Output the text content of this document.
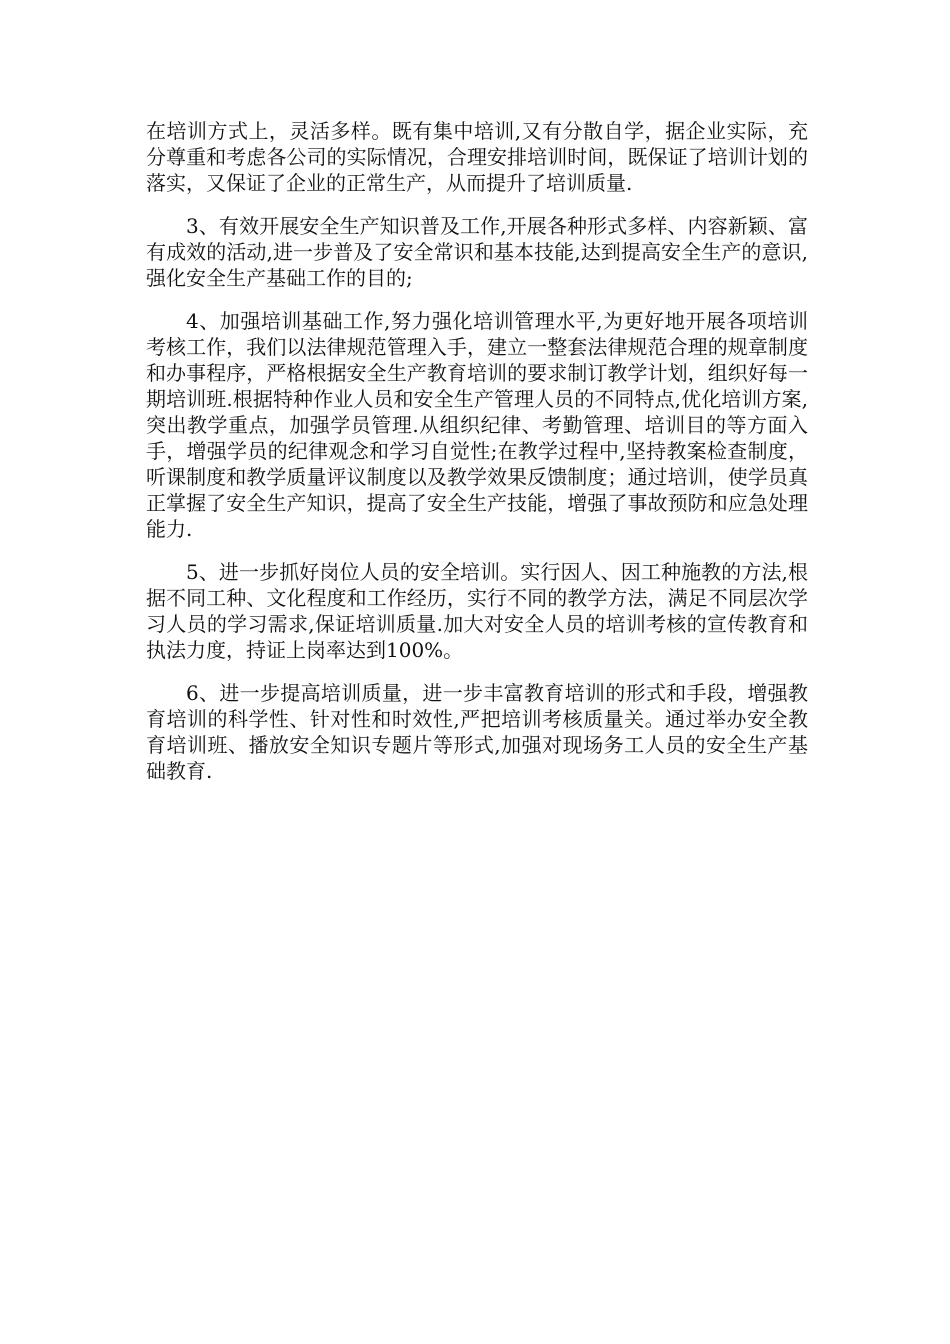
在培训方式上，灵活多样。既有集中培训,又有分散自学，据企业实际，充分尊重和考虑各公司的实际情况，合理安排培训时间，既保证了培训计划的落实，又保证了企业的正常生产，从而提升了培训质量.

3、有效开展安全生产知识普及工作,开展各种形式多样、内容新颖、富有成效的活动,进一步普及了安全常识和基本技能,达到提高安全生产的意识,强化安全生产基础工作的目的;

4、加强培训基础工作,努力强化培训管理水平,为更好地开展各项培训考核工作，我们以法律规范管理入手，建立一整套法律规范合理的规章制度和办事程序，严格根据安全生产教育培训的要求制订教学计划，组织好每一期培训班.根据特种作业人员和安全生产管理人员的不同特点,优化培训方案,突出教学重点，加强学员管理.从组织纪律、考勤管理、培训目的等方面入手，增强学员的纪律观念和学习自觉性;在教学过程中,坚持教案检查制度，听课制度和教学质量评议制度以及教学效果反馈制度；通过培训，使学员真正掌握了安全生产知识，提高了安全生产技能，增强了事故预防和应急处理能力.

5、进一步抓好岗位人员的安全培训。实行因人、因工种施教的方法,根据不同工种、文化程度和工作经历，实行不同的教学方法，满足不同层次学习人员的学习需求,保证培训质量.加大对安全人员的培训考核的宣传教育和执法力度，持证上岗率达到100%。

6、进一步提高培训质量，进一步丰富教育培训的形式和手段，增强教育培训的科学性、针对性和时效性,严把培训考核质量关。通过举办安全教育培训班、播放安全知识专题片等形式,加强对现场务工人员的安全生产基础教育.
